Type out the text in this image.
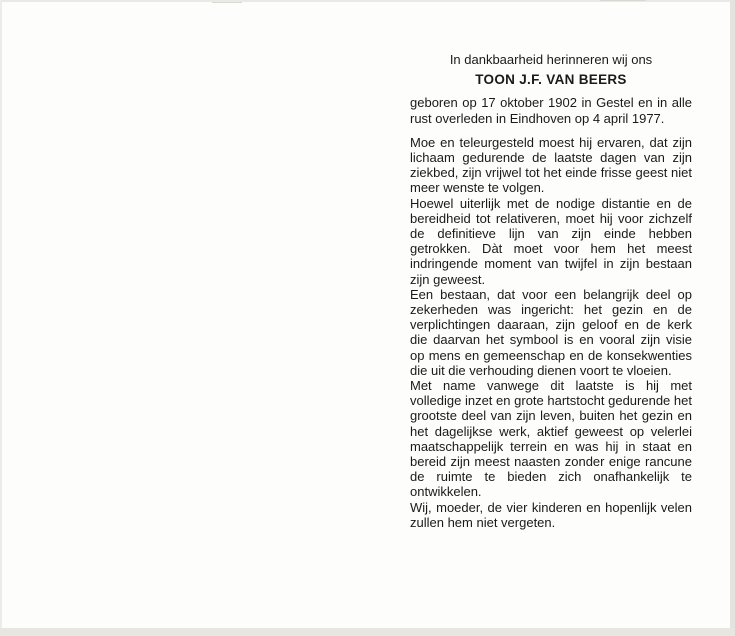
In dankbaarheid herinneren wij ons

TOON J.F. VAN BEERS

geboren op 17 oktober 1902 in Gestel en in alle rust overleden in Eindhoven op 4 april 1977.

Moe en teleurgesteld moest hij ervaren, dat zijn lichaam gedurende de laatste dagen van zijn ziekbed, zijn vrijwel tot het einde frisse geest niet meer wenste te volgen.

Hoewel uiterlijk met de nodige distantie en de bereidheid tot relativeren, moet hij voor zichzelf de definitieve lijn van zijn einde hebben getrokken. Dàt moet voor hem het meest indringende moment van twijfel in zijn bestaan zijn geweest.

Een bestaan, dat voor een belangrijk deel op zekerheden was ingericht: het gezin en de verplichtingen daaraan, zijn geloof en de kerk die daarvan het symbool is en vooral zijn visie op mens en gemeenschap en de konsekwenties die uit die verhouding dienen voort te vloeien.

Met name vanwege dit laatste is hij met volledige inzet en grote hartstocht gedurende het grootste deel van zijn leven, buiten het gezin en het dagelijkse werk, aktief geweest op velerlei maatschappelijk terrein en was hij in staat en bereid zijn meest naasten zonder enige rancune de ruimte te bieden zich onafhankelijk te ontwikkelen.

Wij, moeder, de vier kinderen en hopenlijk velen zullen hem niet vergeten.
